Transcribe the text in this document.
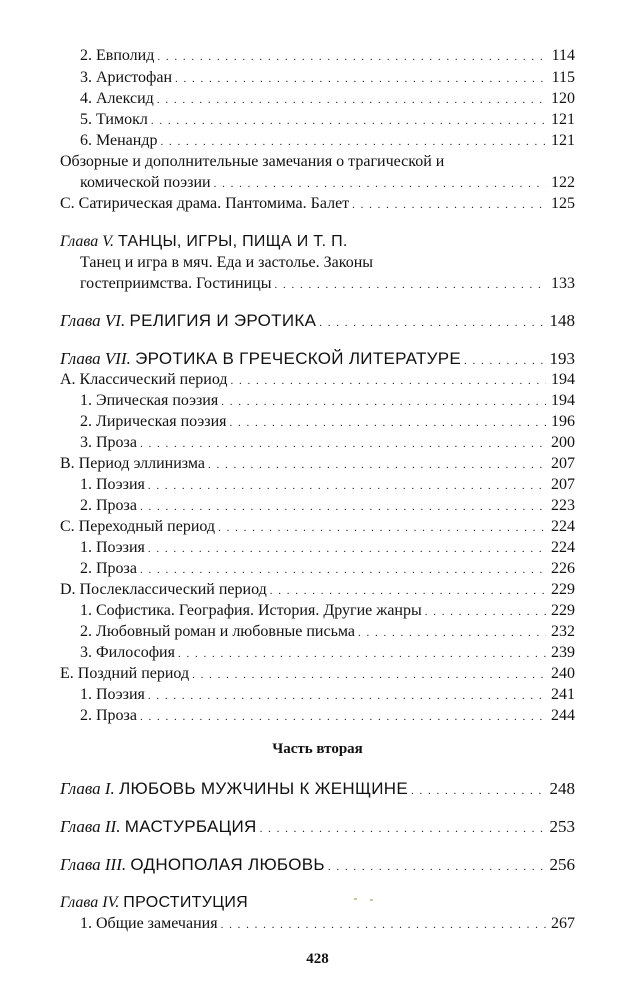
2. Евполид . . .	114
3. Аристофан . . .	115
4. Алексид . . .	120
5. Тимокл . . .	121
6. Менандр . . .	121
Обзорные и дополнительные замечания о трагической и
комической поэзии . . .	122
С. Сатирическая драма. Пантомима. Балет . . .	125
Глава V. ТАНЦЫ, ИГРЫ, ПИЩА И Т. П.
Танец и игра в мяч. Еда и застолье. Законы
гостеприимства. Гостиницы . . .	133
Глава VI. РЕЛИГИЯ И ЭРОТИКА . . .	148
Глава VII. ЭРОТИКА В ГРЕЧЕСКОЙ ЛИТЕРАТУРЕ . . .	193
А. Классический период . . .	194
1. Эпическая поэзия . . .	194
2. Лирическая поэзия . . .	196
3. Проза . . .	200
В. Период эллинизма . . .	207
1. Поэзия . . .	207
2. Проза . . .	223
С. Переходный период . . .	224
1. Поэзия . . .	224
2. Проза . . .	226
D. Послеклассический период . . .	229
1. Софистика. География. История. Другие жанры . . .	229
2. Любовный роман и любовные письма . . .	232
3. Философия . . .	239
Е. Поздний период . . .	240
1. Поэзия . . .	241
2. Проза . . .	244
Часть вторая
Глава I. ЛЮБОВЬ МУЖЧИНЫ К ЖЕНЩИНЕ . . .	248
Глава II. МАСТУРБАЦИЯ . . .	253
Глава III. ОДНОПОЛАЯ ЛЮБОВЬ . . .	256
Глава IV. ПРОСТИТУЦИЯ
1. Общие замечания . . .	267
428
